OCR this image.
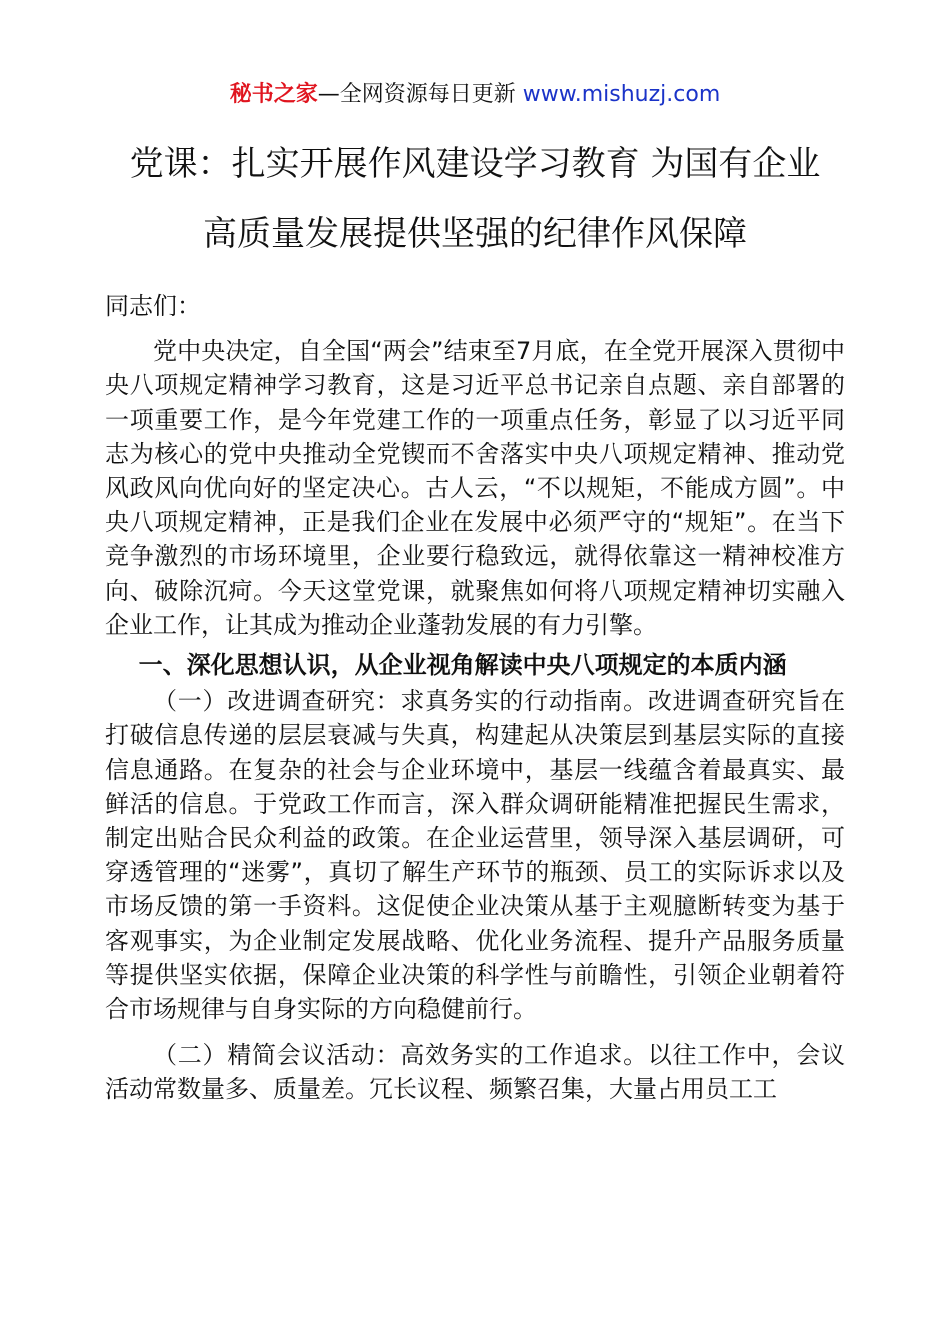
秘书之家—全网资源每日更新 www.mishuzj.com
党课：扎实开展作风建设学习教育 为国有企业
高质量发展提供坚强的纪律作风保障

同志们：

党中央决定，自全国“两会”结束至7月底，在全党开展深入贯彻中央八项规定精神学习教育，这是习近平总书记亲自点题、亲自部署的一项重要工作，是今年党建工作的一项重点任务，彰显了以习近平同志为核心的党中央推动全党锲而不舍落实中央八项规定精神、推动党风政风向优向好的坚定决心。古人云，“不以规矩，不能成方圆”。中央八项规定精神，正是我们企业在发展中必须严守的“规矩”。在当下竞争激烈的市场环境里，企业要行稳致远，就得依靠这一精神校准方向、破除沉疴。今天这堂党课，就聚焦如何将八项规定精神切实融入企业工作，让其成为推动企业蓬勃发展的有力引擎。

一、深化思想认识，从企业视角解读中央八项规定的本质内涵

（一）改进调查研究：求真务实的行动指南。改进调查研究旨在打破信息传递的层层衰减与失真，构建起从决策层到基层实际的直接信息通路。在复杂的社会与企业环境中，基层一线蕴含着最真实、最鲜活的信息。于党政工作而言，深入群众调研能精准把握民生需求，制定出贴合民众利益的政策。在企业运营里，领导深入基层调研，可穿透管理的“迷雾”，真切了解生产环节的瓶颈、员工的实际诉求以及市场反馈的第一手资料。这促使企业决策从基于主观臆断转变为基于客观事实，为企业制定发展战略、优化业务流程、提升产品服务质量等提供坚实依据，保障企业决策的科学性与前瞻性，引领企业朝着符合市场规律与自身实际的方向稳健前行。

（二）精简会议活动：高效务实的工作追求。以往工作中，会议活动常数量多、质量差。冗长议程、频繁召集，大量占用员工工
